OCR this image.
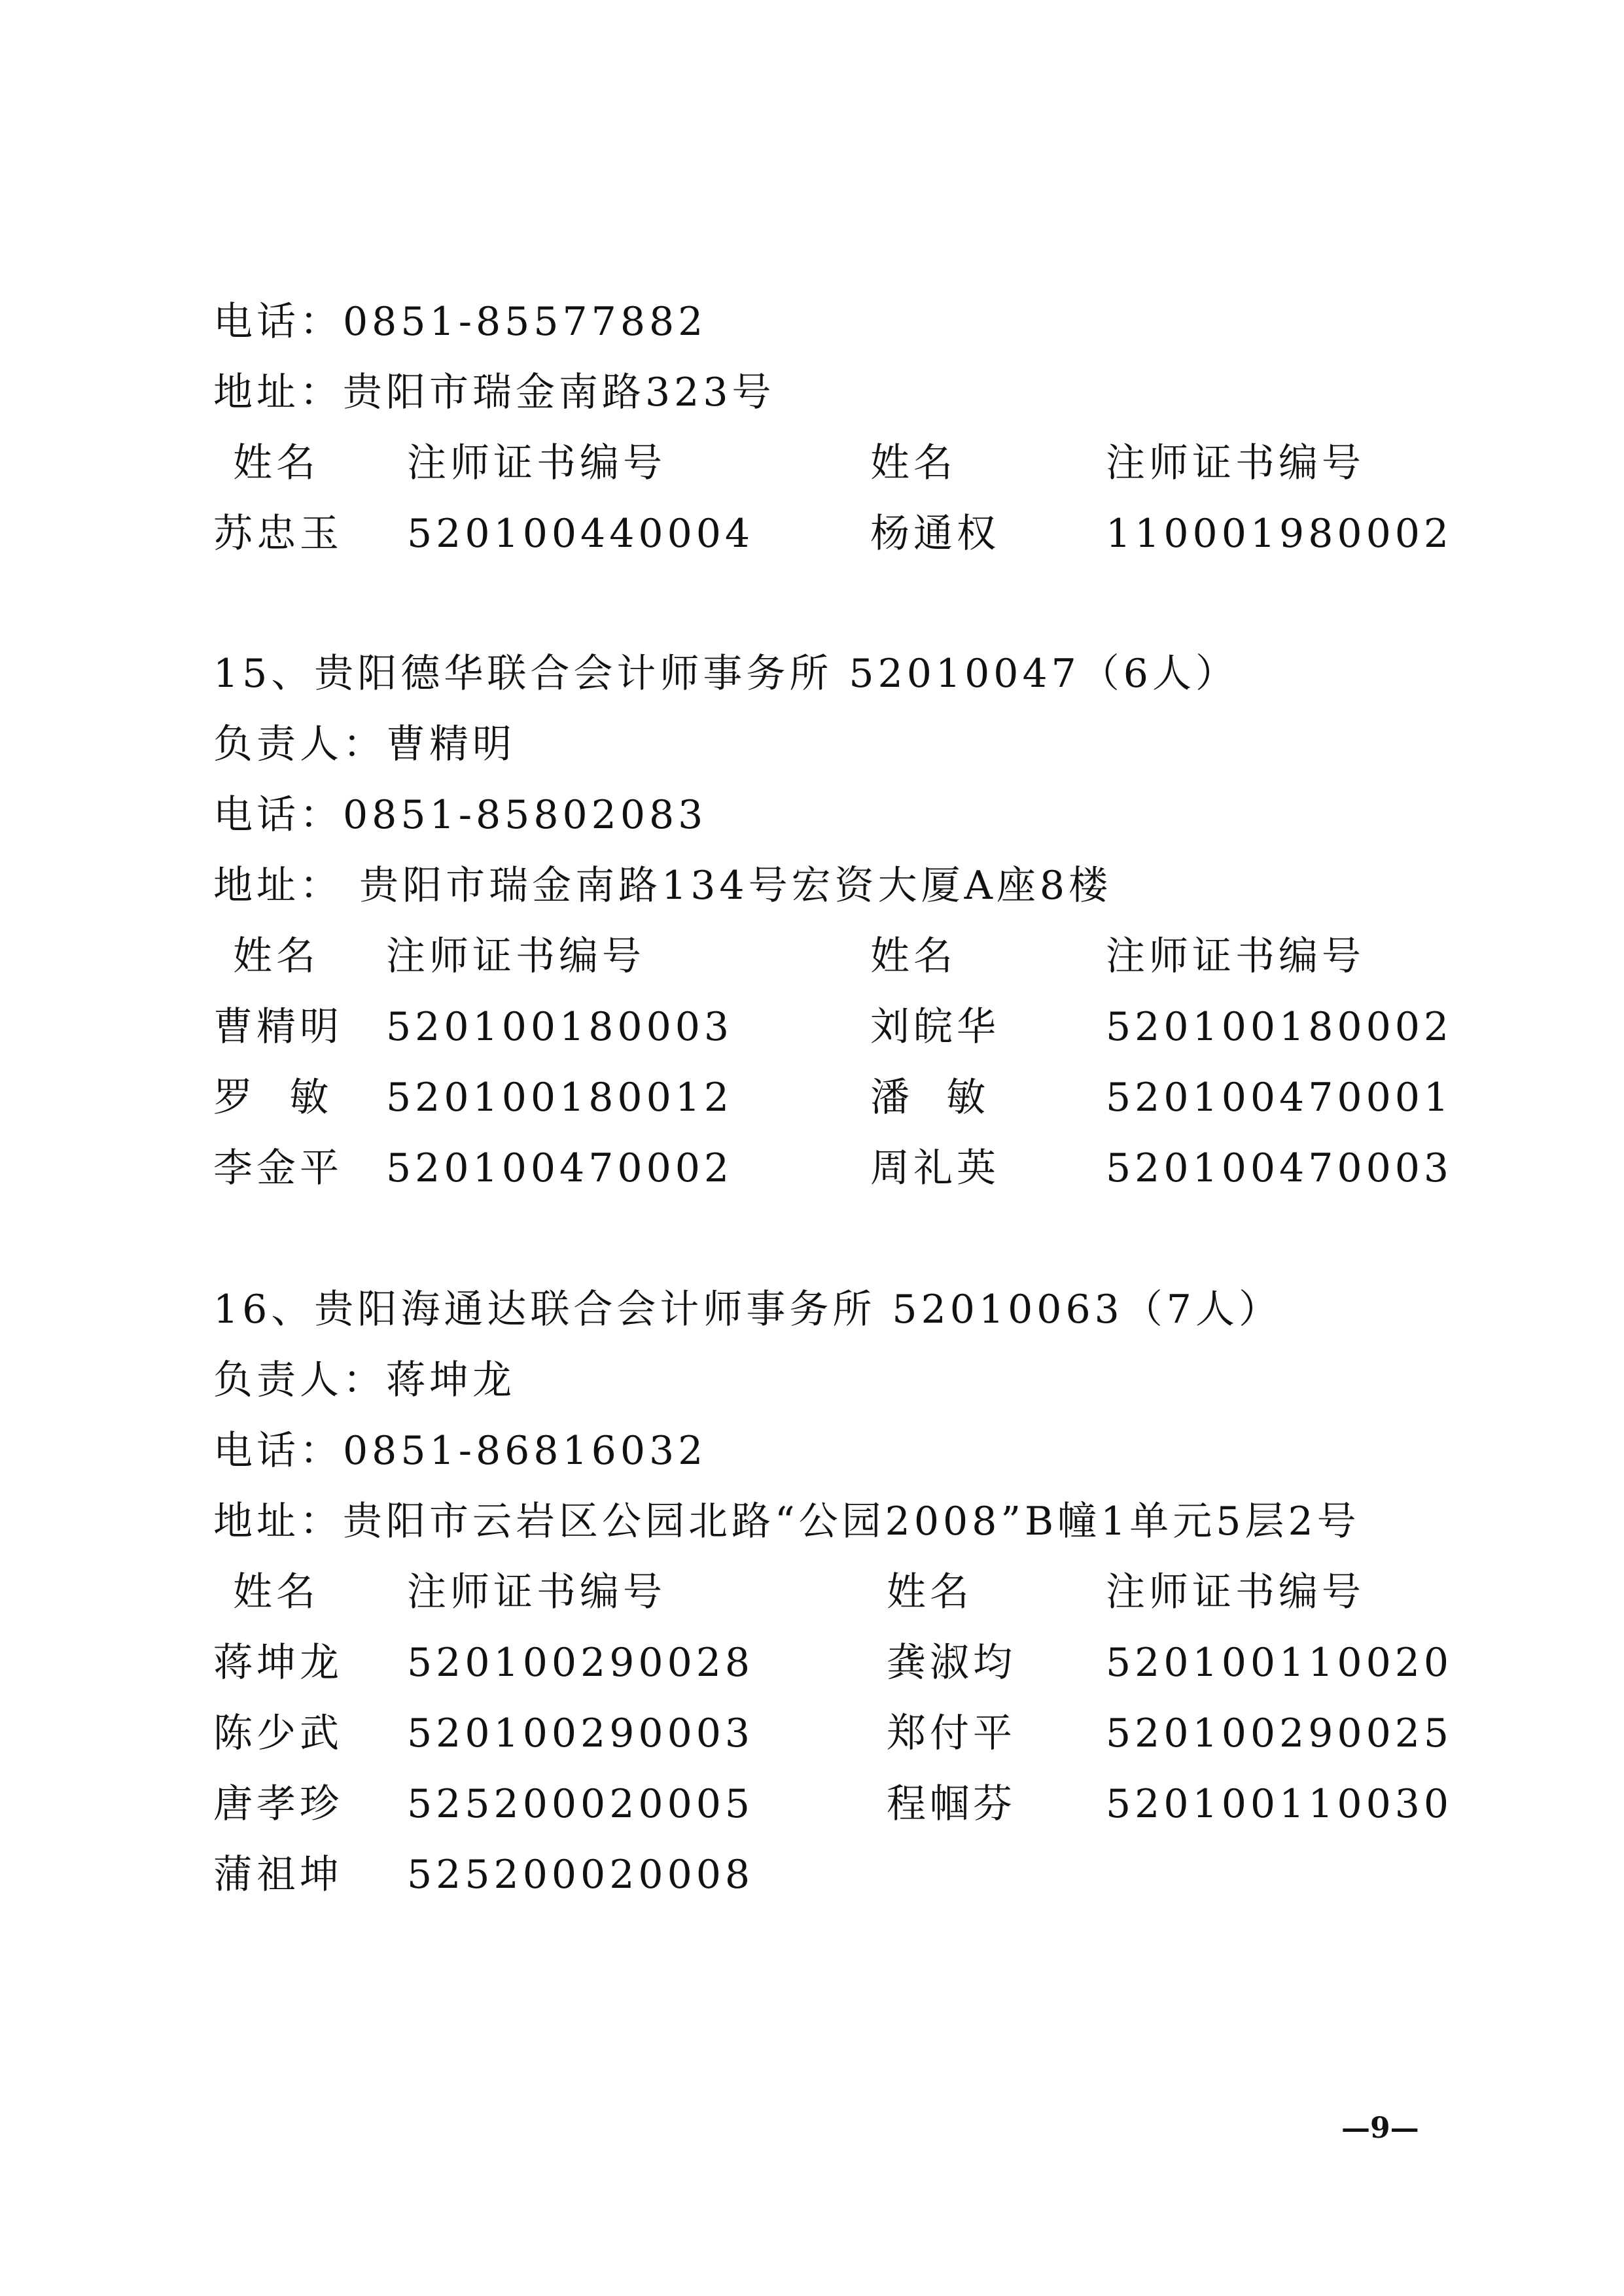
电话：0851-85577882
地址：贵阳市瑞金南路323号
姓名 注师证书编号	姓名	注师证书编号
苏忠玉 520100440004	杨通权	110001980002
15、贵阳德华联合会计师事务所 52010047（6人）
负责人：曹精明
电话：0851-85802083
地址： 贵阳市瑞金南路134号宏资大厦A座8楼
姓名 注师证书编号	姓名	注师证书编号
曹精明 520100180003	刘皖华	520100180002
罗  敏 520100180012	潘  敏	520100470001
李金平 520100470002	周礼英	520100470003
16、贵阳海通达联合会计师事务所 52010063（7人）
负责人：蒋坤龙
电话：0851-86816032
地址：贵阳市云岩区公园北路“公园2008”B幢1单元5层2号
姓名 注师证书编号	姓名	注师证书编号
蒋坤龙 520100290028	龚淑均 520100110020
陈少武 520100290003	郑付平 520100290025
唐孝珍 525200020005	程帼芬 520100110030
蒲祖坤 525200020008
—9—
